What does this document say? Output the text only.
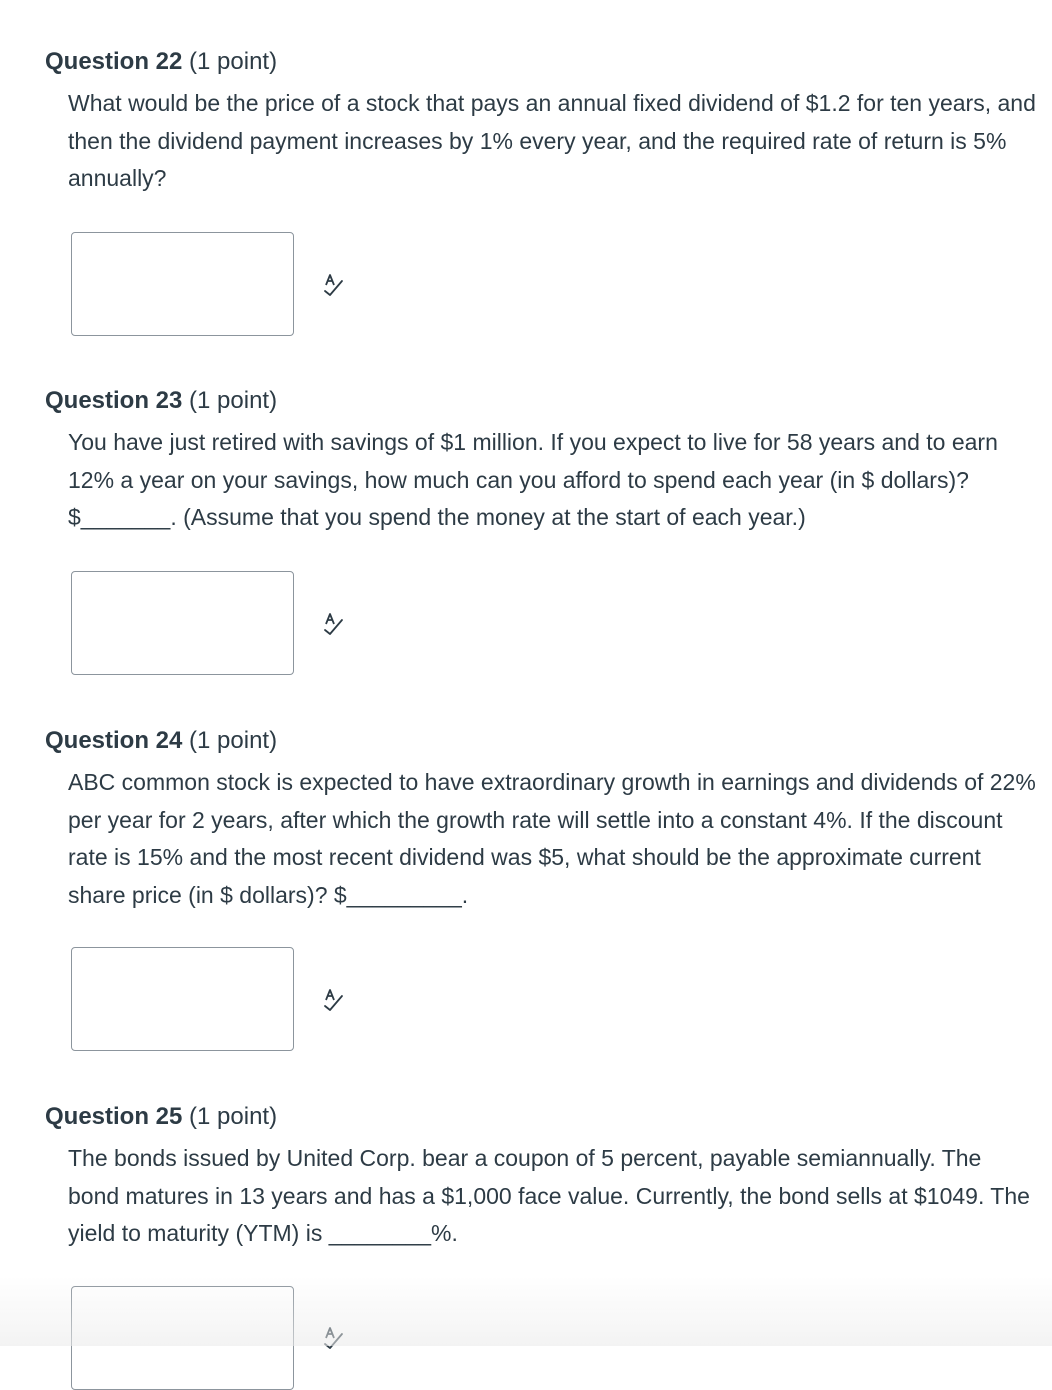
Question 22 (1 point)

What would be the price of a stock that pays an annual fixed dividend of $1.2 for ten years, and then the dividend payment increases by 1% every year, and the required rate of return is 5% annually?

Question 23 (1 point)

You have just retired with savings of $1 million. If you expect to live for 58 years and to earn 12% a year on your savings, how much can you afford to spend each year (in $ dollars)? $_______. (Assume that you spend the money at the start of each year.)

Question 24 (1 point)

ABC common stock is expected to have extraordinary growth in earnings and dividends of 22% per year for 2 years, after which the growth rate will settle into a constant 4%. If the discount rate is 15% and the most recent dividend was $5, what should be the approximate current share price (in $ dollars)? $_________.

Question 25 (1 point)

The bonds issued by United Corp. bear a coupon of 5 percent, payable semiannually. The bond matures in 13 years and has a $1,000 face value. Currently, the bond sells at $1049. The yield to maturity (YTM) is ________%.
